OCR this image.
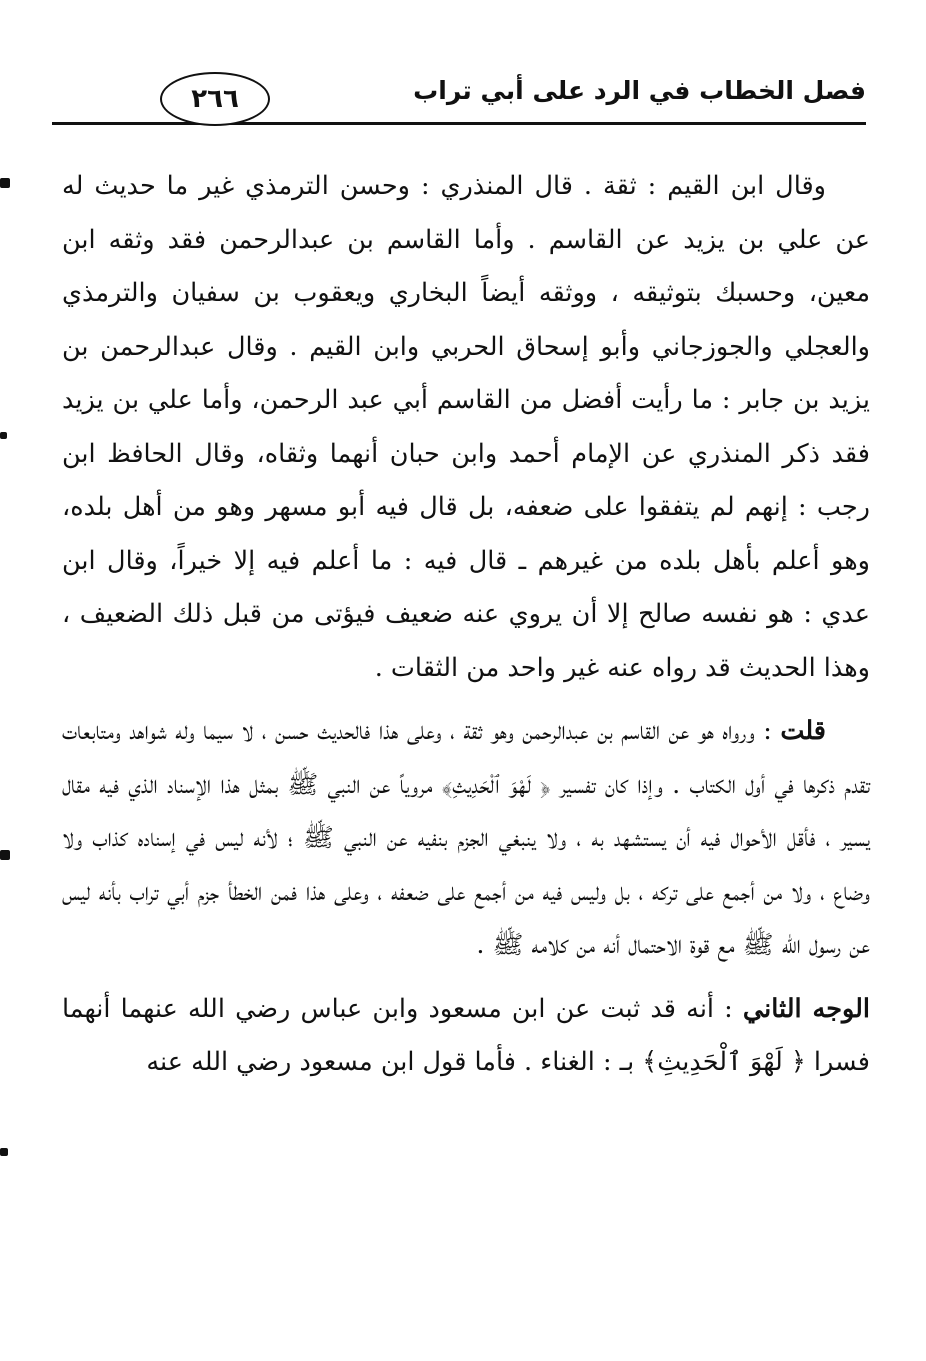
فصل الخطاب في الرد على أبي تراب
٢٦٦

وقال ابن القيم : ثقة . قال المنذري : وحسن الترمذي غير ما حديث له عن علي بن يزيد عن القاسم . وأما القاسم بن عبدالرحمن فقد وثقه ابن معين، وحسبك بتوثيقه ، ووثقه أيضاً البخاري ويعقوب بن سفيان والترمذي والعجلي والجوزجاني وأبو إسحاق الحربي وابن القيم . وقال عبدالرحمن بن يزيد بن جابر : ما رأيت أفضل من القاسم أبي عبد الرحمن، وأما علي بن يزيد فقد ذكر المنذري عن الإمام أحمد وابن حبان أنهما وثقاه، وقال الحافظ ابن رجب : إنهم لم يتفقوا على ضعفه، بل قال فيه أبو مسهر وهو من أهل بلده، وهو أعلم بأهل بلده من غيرهم ـ قال فيه : ما أعلم فيه إلا خيراً، وقال ابن عدي : هو نفسه صالح إلا أن يروي عنه ضعيف فيؤتى من قبل ذلك الضعيف ، وهذا الحديث قد رواه عنه غير واحد من الثقات .

قلت : ورواه هو عن القاسم بن عبدالرحمن وهو ثقة ، وعلى هذا فالحديث حسن ، لا سيما وله شواهد ومتابعات تقدم ذكرها في أول الكتاب . وإذا كان تفسير ﴿ لَهْوَ ٱلْحَدِيثِ﴾ مروياً عن النبي ﷺ بمثل هذا الإسناد الذي فيه مقال يسير ، فأقل الأحوال فيه أن يستشهد به ، ولا ينبغي الجزم بنفيه عن النبي ﷺ ؛ لأنه ليس في إسناده كذاب ولا وضاع ، ولا من أجمع على تركه ، بل وليس فيه من أجمع على ضعفه ، وعلى هذا فمن الخطأ جزم أبي تراب بأنه ليس عن رسول الله ﷺ مع قوة الاحتمال أنه من كلامه ﷺ .

الوجه الثاني : أنه قد ثبت عن ابن مسعود وابن عباس رضي الله عنهما أنهما فسرا ﴿ لَهْوَ ٱلْحَدِيثِ﴾ بـ : الغناء . فأما قول ابن مسعود رضي الله عنه
